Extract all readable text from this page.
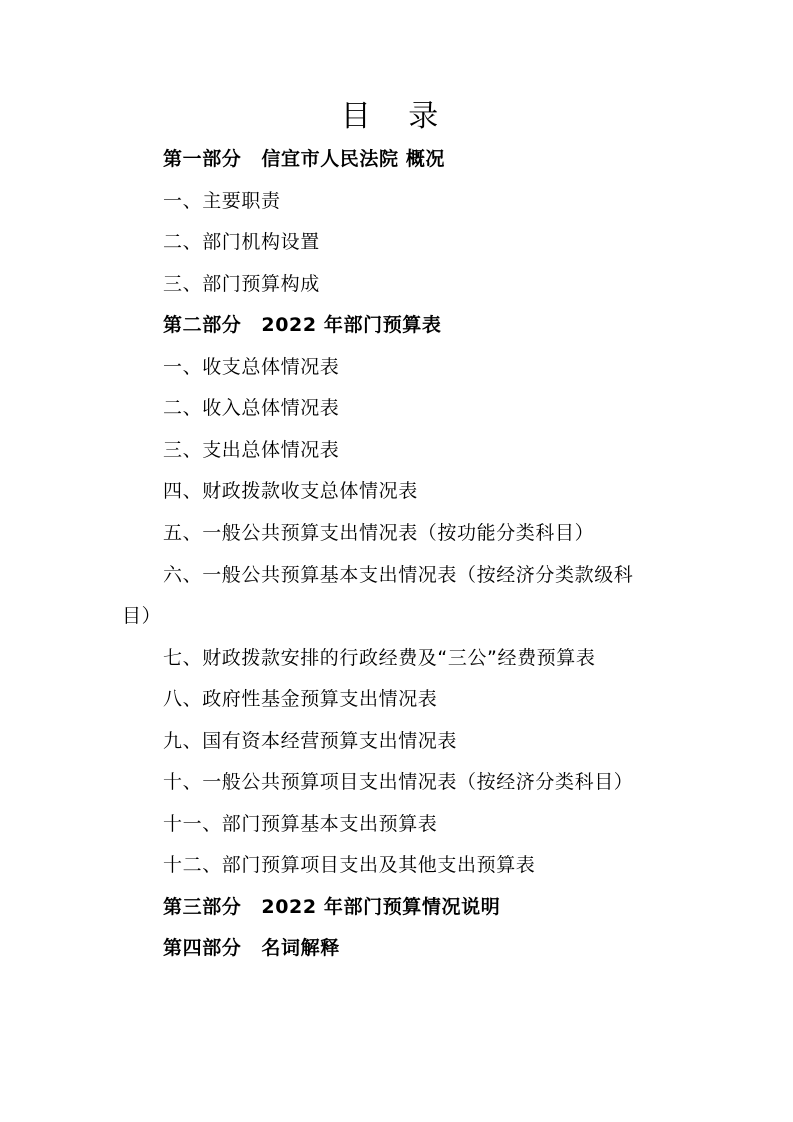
目 录
第一部分 信宜市人民法院 概况
一、主要职责
二、部门机构设置
三、部门预算构成
第二部分 2022 年部门预算表
一、收支总体情况表
二、收入总体情况表
三、支出总体情况表
四、财政拨款收支总体情况表
五、一般公共预算支出情况表（按功能分类科目）
六、一般公共预算基本支出情况表（按经济分类款级科
目）
七、财政拨款安排的行政经费及“三公”经费预算表
八、政府性基金预算支出情况表
九、国有资本经营预算支出情况表
十、一般公共预算项目支出情况表（按经济分类科目）
十一、部门预算基本支出预算表
十二、部门预算项目支出及其他支出预算表
第三部分 2022 年部门预算情况说明
第四部分 名词解释
